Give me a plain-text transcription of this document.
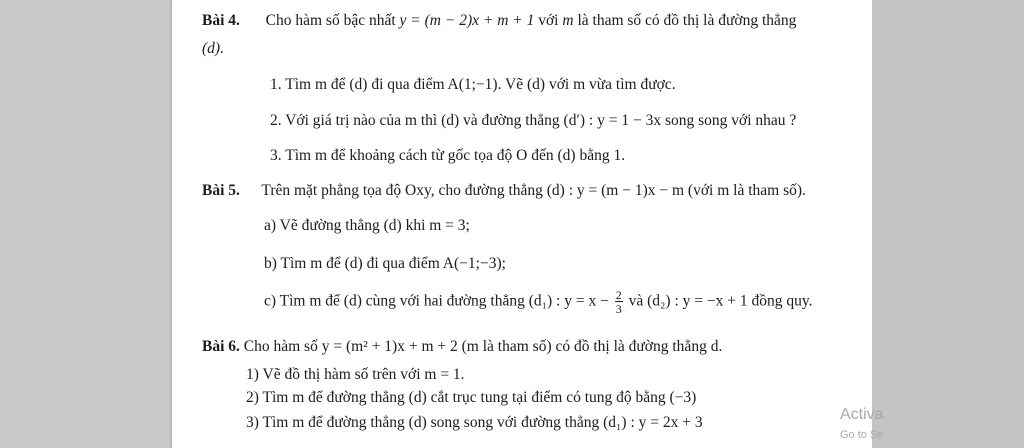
Bài 4. Cho hàm số bậc nhất y = (m − 2)x + m + 1 với m là tham số có đồ thị là đường thẳng
(d).
1. Tìm m để (d) đi qua điểm A(1;−1). Vẽ (d) với m vừa tìm được.
2. Với giá trị nào của m thì (d) và đường thẳng (d′) : y = 1 − 3x song song với nhau ?
3. Tìm m để khoảng cách từ gốc tọa độ O đến (d) bằng 1.
Bài 5. Trên mặt phẳng tọa độ Oxy, cho đường thẳng (d) : y = (m − 1)x − m (với m là tham số).
a) Vẽ đường thẳng (d) khi m = 3;
b) Tìm m để (d) đi qua điểm A(−1;−3);
c) Tìm m để (d) cùng với hai đường thẳng (d₁) : $y = x - \frac{2}{3}$ và (d₂) : y = −x + 1 đồng quy.
Bài 6. Cho hàm số y = (m² + 1)x + m + 2 (m là tham số) có đồ thị là đường thẳng d.
1) Vẽ đồ thị hàm số trên với m = 1.
2) Tìm m để đường thẳng (d) cắt trục tung tại điểm có tung độ bằng (−3)
3) Tìm m để đường thẳng (d) song song với đường thẳng (d₁) : y = 2x + 3	Activa
Go to Se
